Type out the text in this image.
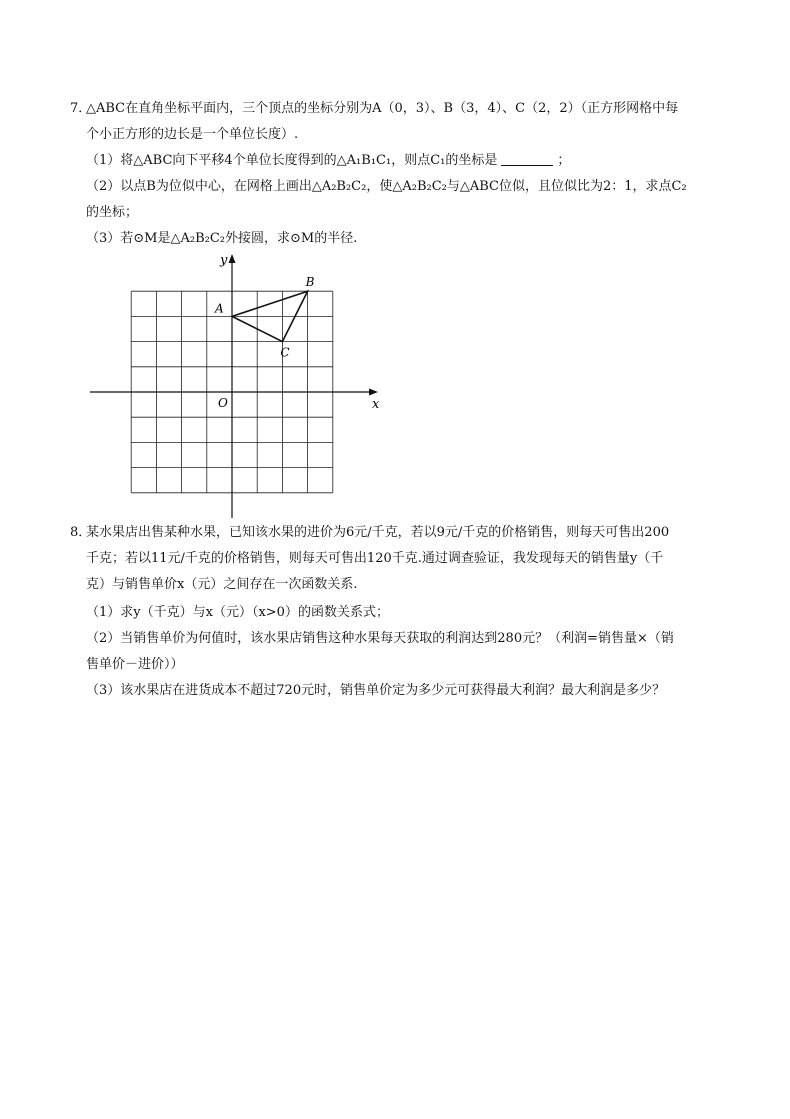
7．
△ABC在直角坐标平面内，三个顶点的坐标分别为A（0，3）、B（3，4）、C（2，2）（正方形网格中每
个小正方形的边长是一个单位长度）.
（1）将△ABC向下平移4个单位长度得到的△A₁B₁C₁，则点C₁的坐标是	；
（2）以点B为位似中心，在网格上画出△A₂B₂C₂，使△A₂B₂C₂与△ABC位似，且位似比为2：1，求点C₂
的坐标；
（3）若⊙M是△A₂B₂C₂外接圆，求⊙M的半径.
x
y
O
A
B
C
8．
某水果店出售某种水果，已知该水果的进价为6元/千克，若以9元/千克的价格销售，则每天可售出200
千克；若以11元/千克的价格销售，则每天可售出120千克.通过调查验证，我发现每天的销售量y（千
克）与销售单价x（元）之间存在一次函数关系.
（1）求y（千克）与x（元）（x>0）的函数关系式；
（2）当销售单价为何值时，该水果店销售这种水果每天获取的利润达到280元？（利润=销售量×（销
售单价－进价））
（3）该水果店在进货成本不超过720元时，销售单价定为多少元可获得最大利润？最大利润是多少？
